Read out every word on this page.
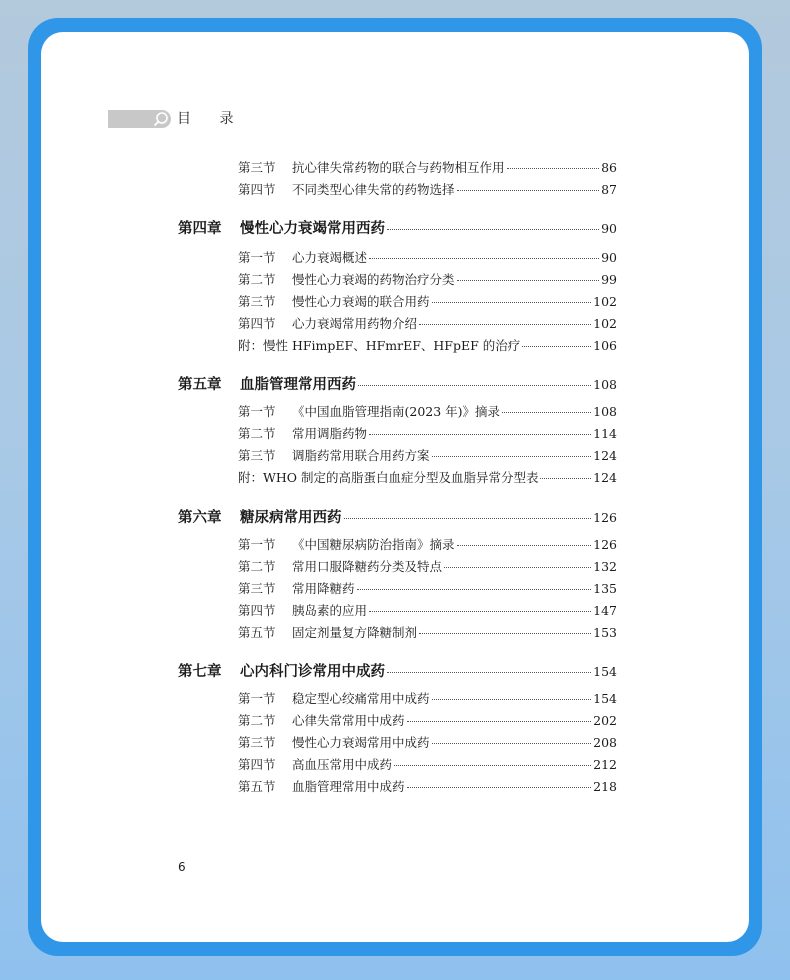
目 录
第三节	抗心律失常药物的联合与药物相互作用	86
第四节	不同类型心律失常的药物选择	87
第四章	慢性心力衰竭常用西药	90
第一节	心力衰竭概述	90
第二节	慢性心力衰竭的药物治疗分类	99
第三节	慢性心力衰竭的联合用药	102
第四节	心力衰竭常用药物介绍	102
附：慢性 HFimpEF、HFmrEF、HFpEF 的治疗	106
第五章	血脂管理常用西药	108
第一节	《中国血脂管理指南(2023 年)》摘录	108
第二节	常用调脂药物	114
第三节	调脂药常用联合用药方案	124
附：WHO 制定的高脂蛋白血症分型及血脂异常分型表	124
第六章	糖尿病常用西药	126
第一节	《中国糖尿病防治指南》摘录	126
第二节	常用口服降糖药分类及特点	132
第三节	常用降糖药	135
第四节	胰岛素的应用	147
第五节	固定剂量复方降糖制剂	153
第七章	心内科门诊常用中成药	154
第一节	稳定型心绞痛常用中成药	154
第二节	心律失常常用中成药	202
第三节	慢性心力衰竭常用中成药	208
第四节	高血压常用中成药	212
第五节	血脂管理常用中成药	218
6
